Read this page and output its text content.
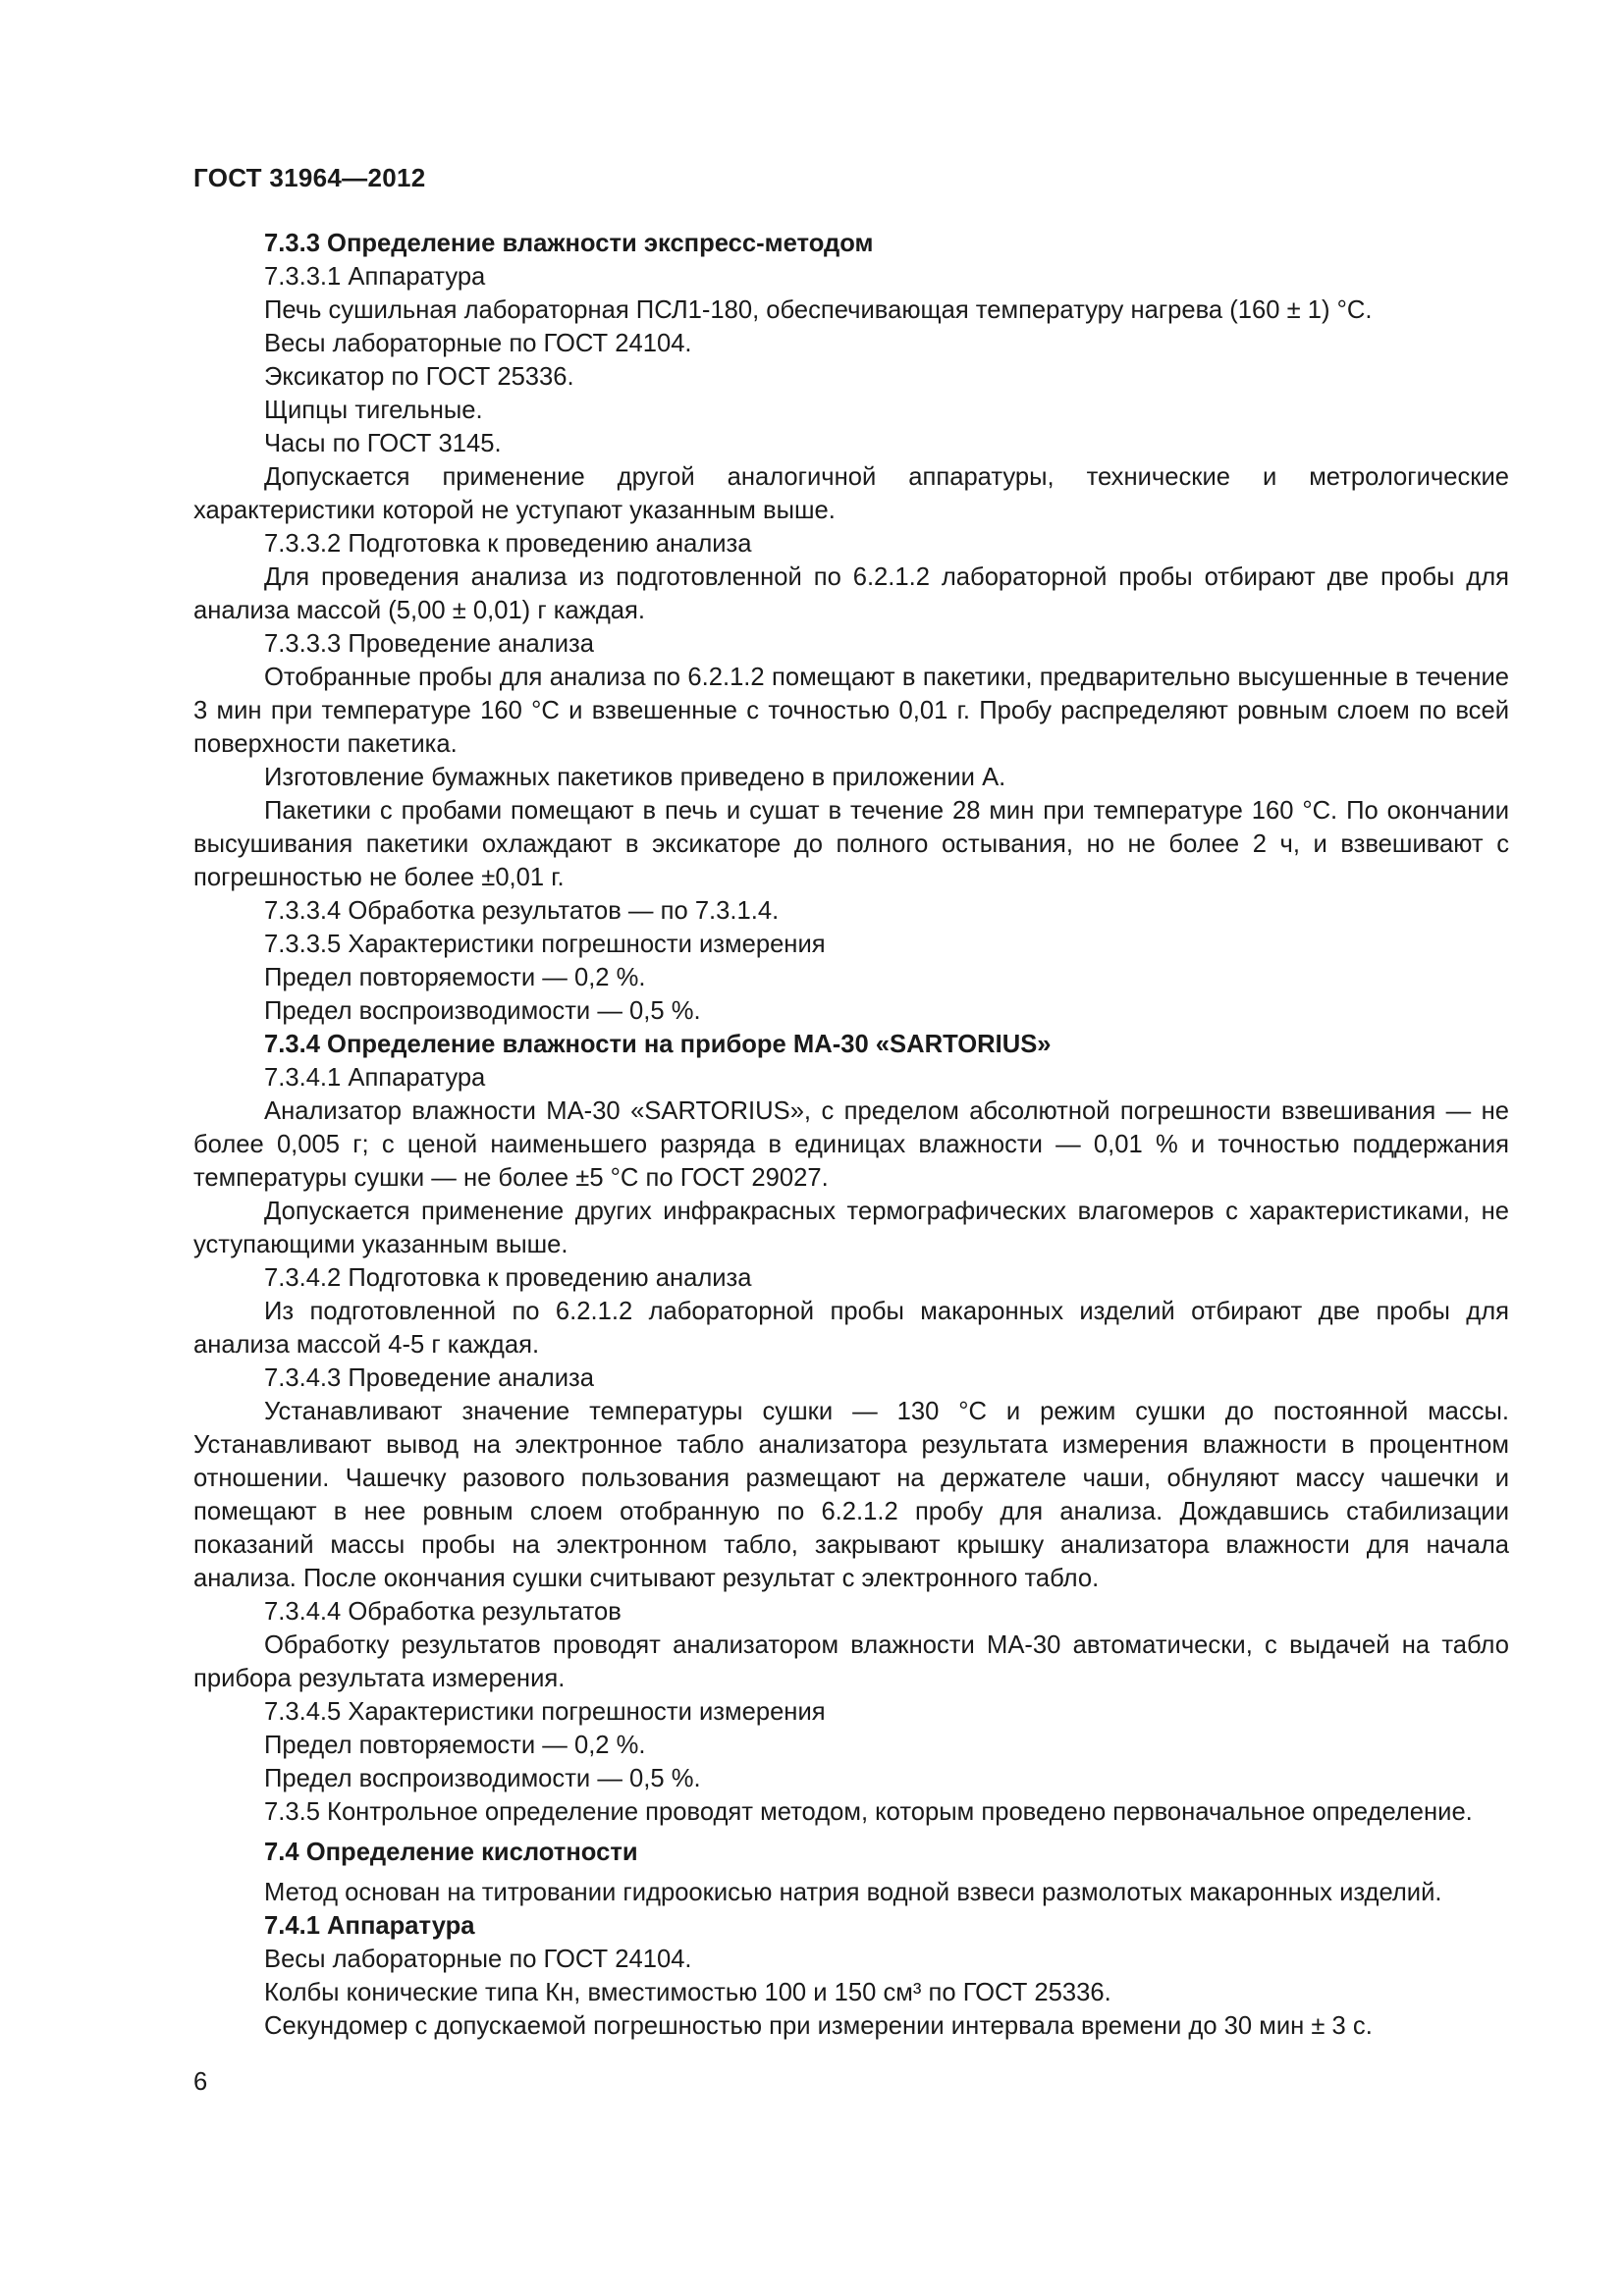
ГОСТ 31964—2012

7.3.3 Определение влажности экспресс-методом

7.3.3.1 Аппаратура

Печь сушильная лабораторная ПСЛ1-180, обеспечивающая температуру нагрева (160 ± 1) °С.

Весы лабораторные по ГОСТ 24104.

Эксикатор по ГОСТ 25336.

Щипцы тигельные.

Часы по ГОСТ 3145.

Допускается применение другой аналогичной аппаратуры, технические и метрологические характеристики которой не уступают указанным выше.

7.3.3.2 Подготовка к проведению анализа

Для проведения анализа из подготовленной по 6.2.1.2 лабораторной пробы отбирают две пробы для анализа массой (5,00 ± 0,01) г каждая.

7.3.3.3 Проведение анализа

Отобранные пробы для анализа по 6.2.1.2 помещают в пакетики, предварительно высушенные в течение 3 мин при температуре 160 °С и взвешенные с точностью 0,01 г. Пробу распределяют ровным слоем по всей поверхности пакетика.

Изготовление бумажных пакетиков приведено в приложении А.

Пакетики с пробами помещают в печь и сушат в течение 28 мин при температуре 160 °С. По окончании высушивания пакетики охлаждают в эксикаторе до полного остывания, но не более 2 ч, и взвешивают с погрешностью не более ±0,01 г.

7.3.3.4 Обработка результатов — по 7.3.1.4.

7.3.3.5 Характеристики погрешности измерения

Предел повторяемости — 0,2 %.

Предел воспроизводимости — 0,5 %.

7.3.4 Определение влажности на приборе МА-30 «SARTORIUS»

7.3.4.1 Аппаратура

Анализатор влажности МА-30 «SARTORIUS», с пределом абсолютной погрешности взвешивания — не более 0,005 г; с ценой наименьшего разряда в единицах влажности — 0,01 % и точностью поддержания температуры сушки — не более ±5 °С по ГОСТ 29027.

Допускается применение других инфракрасных термографических влагомеров с характеристиками, не уступающими указанным выше.

7.3.4.2 Подготовка к проведению анализа

Из подготовленной по 6.2.1.2 лабораторной пробы макаронных изделий отбирают две пробы для анализа массой 4-5 г каждая.

7.3.4.3 Проведение анализа

Устанавливают значение температуры сушки — 130 °С и режим сушки до постоянной массы. Устанавливают вывод на электронное табло анализатора результата измерения влажности в процентном отношении. Чашечку разового пользования размещают на держателе чаши, обнуляют массу чашечки и помещают в нее ровным слоем отобранную по 6.2.1.2 пробу для анализа. Дождавшись стабилизации показаний массы пробы на электронном табло, закрывают крышку анализатора влажности для начала анализа. После окончания сушки считывают результат с электронного табло.

7.3.4.4 Обработка результатов

Обработку результатов проводят анализатором влажности МА-30 автоматически, с выдачей на табло прибора результата измерения.

7.3.4.5 Характеристики погрешности измерения

Предел повторяемости — 0,2 %.

Предел воспроизводимости — 0,5 %.

7.3.5 Контрольное определение проводят методом, которым проведено первоначальное определение.

7.4 Определение кислотности

Метод основан на титровании гидроокисью натрия водной взвеси размолотых макаронных изделий.

7.4.1 Аппаратура

Весы лабораторные по ГОСТ 24104.

Колбы конические типа Кн, вместимостью 100 и 150 см³ по ГОСТ 25336.

Секундомер с допускаемой погрешностью при измерении интервала времени до 30 мин ± 3 с.

6
